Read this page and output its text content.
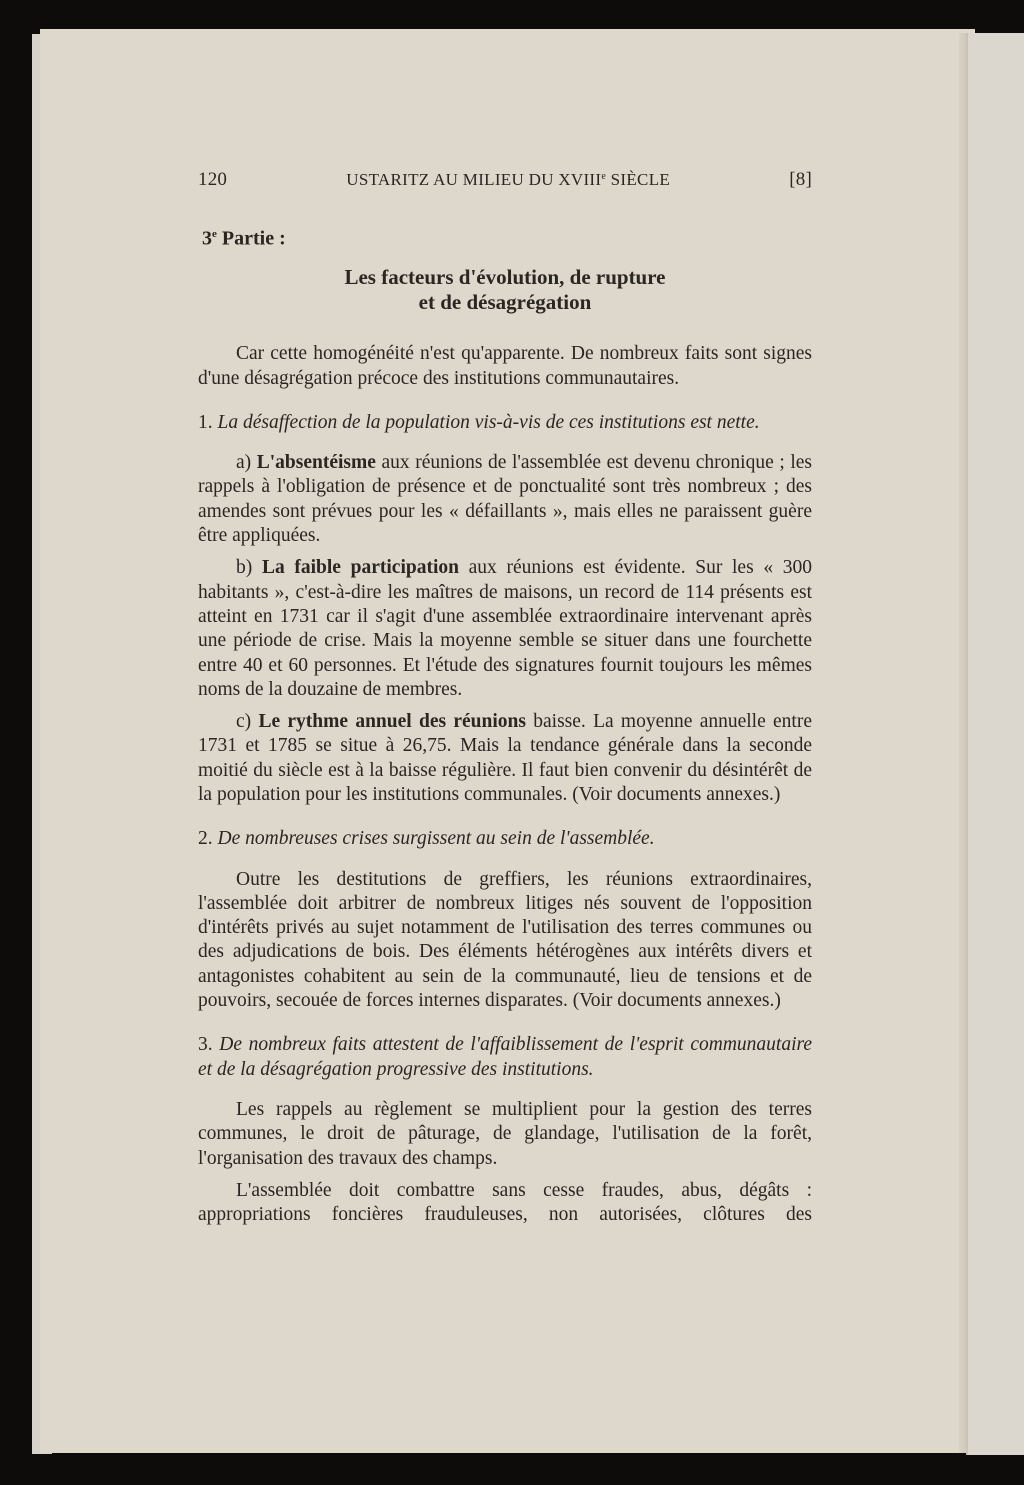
120	USTARITZ AU MILIEU DU XVIIIe SIÈCLE	[8]
3e Partie :
Les facteurs d'évolution, de rupture
et de désagrégation

Car cette homogénéité n'est qu'apparente. De nombreux faits sont signes d'une désagrégation précoce des institutions communautaires.

1. La désaffection de la population vis-à-vis de ces institutions est nette.

a) L'absentéisme aux réunions de l'assemblée est devenu chronique ; les rappels à l'obligation de présence et de ponctualité sont très nombreux ; des amendes sont prévues pour les « défaillants », mais elles ne paraissent guère être appliquées.

b) La faible participation aux réunions est évidente. Sur les « 300 habitants », c'est-à-dire les maîtres de maisons, un record de 114 présents est atteint en 1731 car il s'agit d'une assemblée extraordinaire intervenant après une période de crise. Mais la moyenne semble se situer dans une fourchette entre 40 et 60 personnes. Et l'étude des signatures fournit toujours les mêmes noms de la douzaine de membres.

c) Le rythme annuel des réunions baisse. La moyenne annuelle entre 1731 et 1785 se situe à 26,75. Mais la tendance générale dans la seconde moitié du siècle est à la baisse régulière. Il faut bien convenir du désintérêt de la population pour les institutions communales. (Voir documents annexes.)

2. De nombreuses crises surgissent au sein de l'assemblée.

Outre les destitutions de greffiers, les réunions extraordinaires, l'assemblée doit arbitrer de nombreux litiges nés souvent de l'opposition d'intérêts privés au sujet notamment de l'utilisation des terres communes ou des adjudications de bois. Des éléments hétérogènes aux intérêts divers et antagonistes cohabitent au sein de la communauté, lieu de tensions et de pouvoirs, secouée de forces internes disparates. (Voir documents annexes.)

3. De nombreux faits attestent de l'affaiblissement de l'esprit communautaire et de la désagrégation progressive des institutions.

Les rappels au règlement se multiplient pour la gestion des terres communes, le droit de pâturage, de glandage, l'utilisation de la forêt, l'organisation des travaux des champs.

L'assemblée doit combattre sans cesse fraudes, abus, dégâts : appropriations foncières frauduleuses, non autorisées, clôtures des
